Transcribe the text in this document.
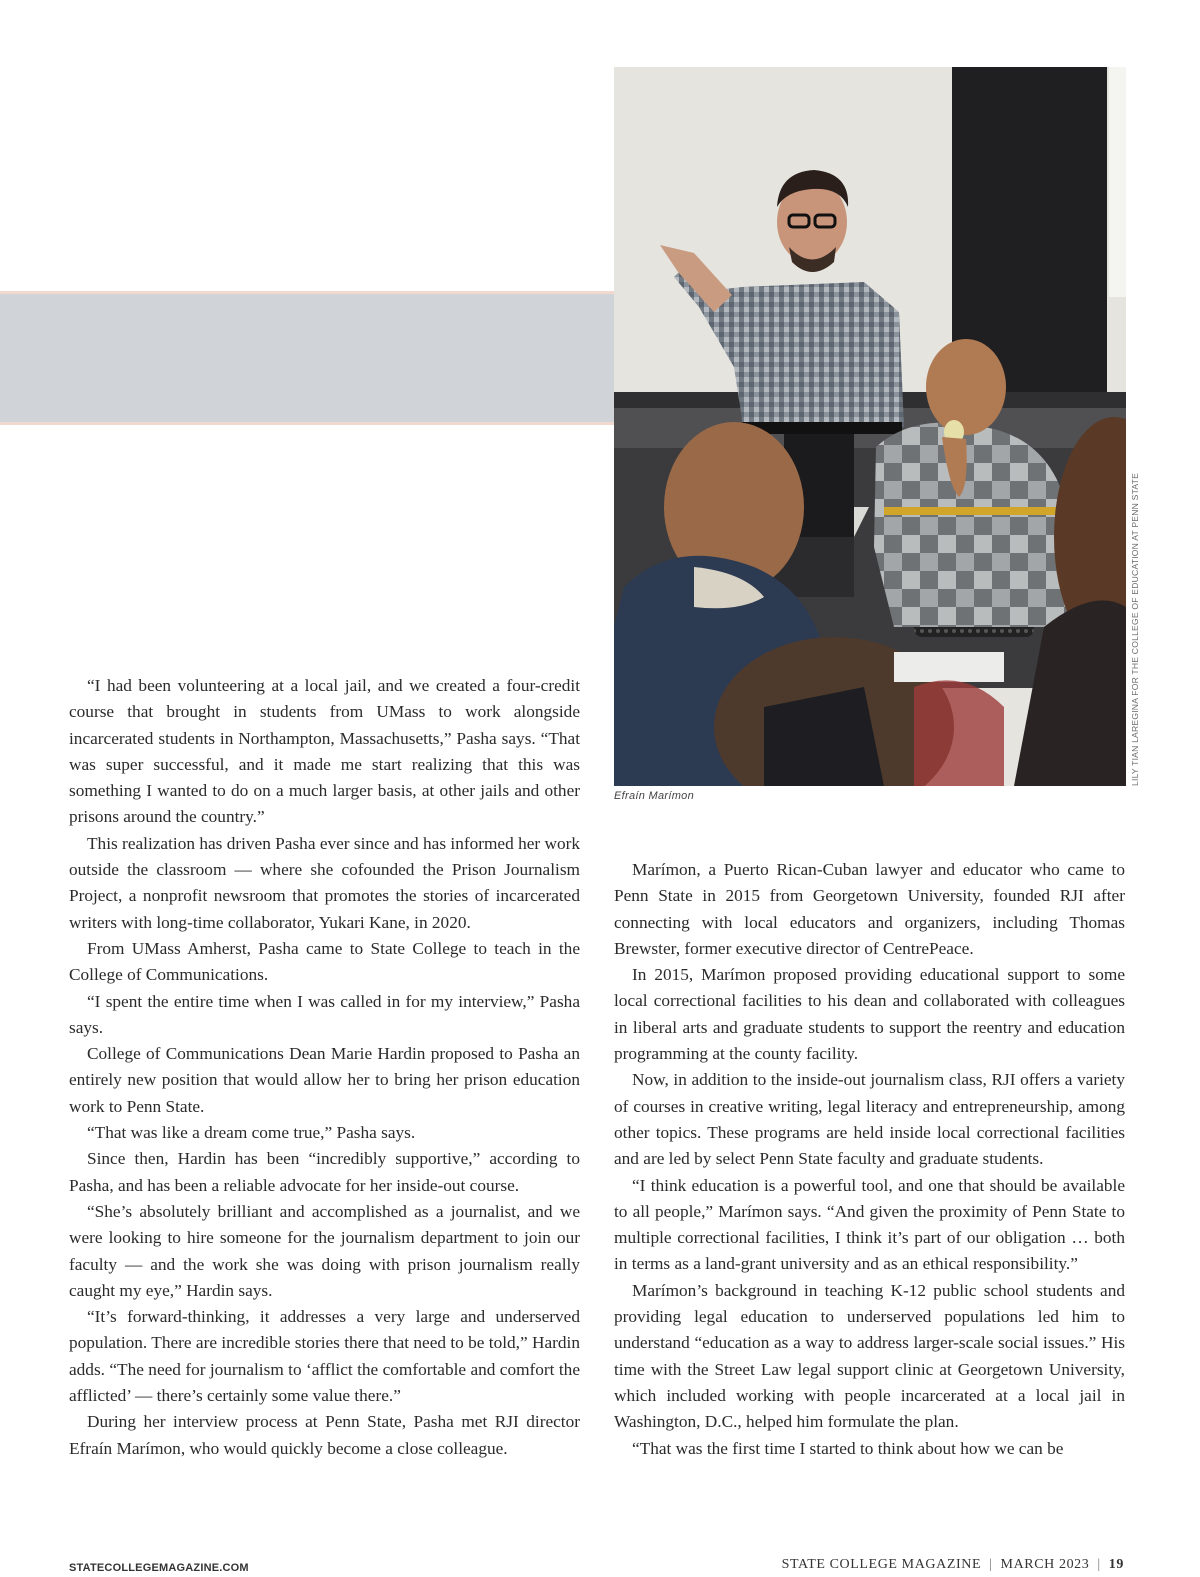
LILY TIAN LAREGINA FOR THE COLLEGE OF EDUCATION AT PENN STATE
Efraín Marímon

“I had been volunteering at a local jail, and we created a four-credit course that brought in students from UMass to work alongside incarcerated students in Northampton, Massachusetts,” Pasha says. “That was super successful, and it made me start realizing that this was something I wanted to do on a much larger basis, at other jails and other prisons around the country.”

This realization has driven Pasha ever since and has informed her work outside the classroom — where she cofounded the Prison Journalism Project, a nonprofit newsroom that promotes the stories of incarcerated writers with long-time collaborator, Yukari Kane, in 2020.

From UMass Amherst, Pasha came to State College to teach in the College of Communications.

“I spent the entire time when I was called in for my interview,” Pasha says.

College of Communications Dean Marie Hardin proposed to Pasha an entirely new position that would allow her to bring her prison education work to Penn State.

“That was like a dream come true,” Pasha says.

Since then, Hardin has been “incredibly supportive,” according to Pasha, and has been a reliable advocate for her inside-out course.

“She’s absolutely brilliant and accomplished as a journalist, and we were looking to hire someone for the journalism department to join our faculty — and the work she was doing with prison journalism really caught my eye,” Hardin says.

“It’s forward-thinking, it addresses a very large and underserved population. There are incredible stories there that need to be told,” Hardin adds. “The need for journalism to ‘afflict the comfortable and comfort the afflicted’ — there’s certainly some value there.”

During her interview process at Penn State, Pasha met RJI director Efraín Marímon, who would quickly become a close colleague.

Marímon, a Puerto Rican-Cuban lawyer and educator who came to Penn State in 2015 from Georgetown University, founded RJI after connecting with local educators and organizers, including Thomas Brewster, former executive director of CentrePeace.

In 2015, Marímon proposed providing educational support to some local correctional facilities to his dean and collaborated with colleagues in liberal arts and graduate students to support the reentry and education programming at the county facility.

Now, in addition to the inside-out journalism class, RJI offers a variety of courses in creative writing, legal literacy and entrepreneurship, among other topics. These programs are held inside local correctional facilities and are led by select Penn State faculty and graduate students.

“I think education is a powerful tool, and one that should be available to all people,” Marímon says. “And given the proximity of Penn State to multiple correctional facilities, I think it’s part of our obligation … both in terms as a land-grant university and as an ethical responsibility.”

Marímon’s background in teaching K-12 public school students and providing legal education to underserved populations led him to understand “education as a way to address larger-scale social issues.” His time with the Street Law legal support clinic at Georgetown University, which included working with people incarcerated at a local jail in Washington, D.C., helped him formulate the plan.

“That was the first time I started to think about how we can be

STATECOLLEGEMAGAZINE.COM	STATE COLLEGE MAGAZINE | MARCH 2023 | 19
